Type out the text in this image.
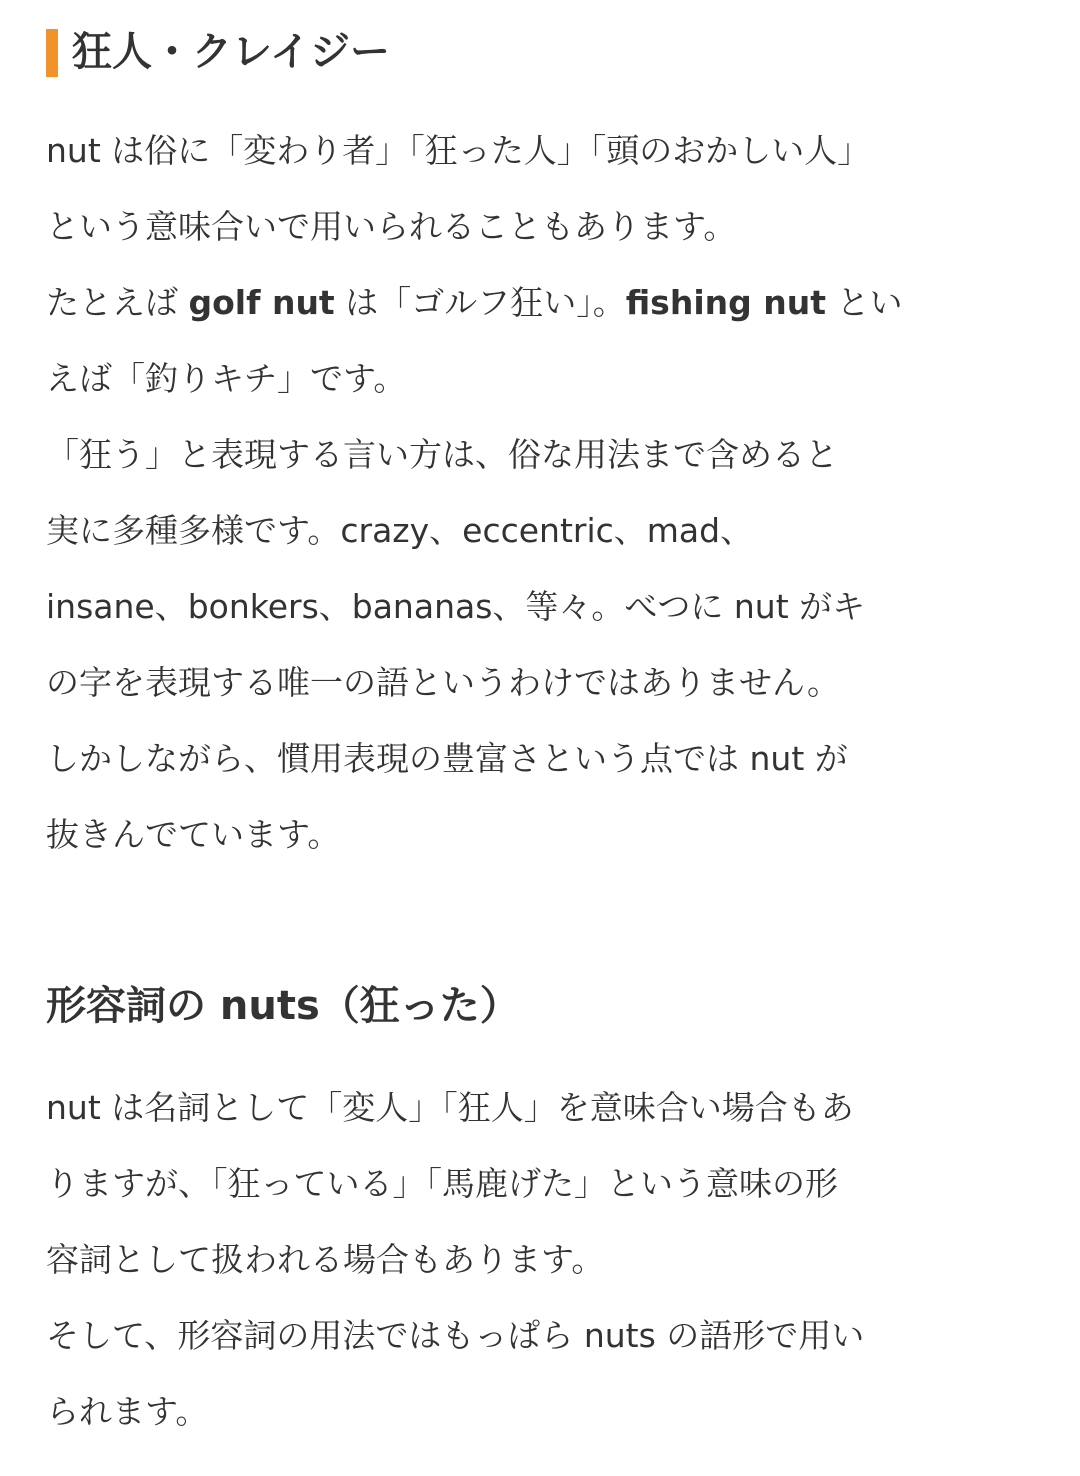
狂人・クレイジー
nut は俗に「変わり者」「狂った人」「頭のおかしい人」
という意味合いで用いられることもあります。
たとえば golf nut は「ゴルフ狂い」。fishing nut とい
えば「釣りキチ」です。
「狂う」と表現する言い方は、俗な用法まで含めると
実に多種多様です。crazy、eccentric、mad、
insane、bonkers、bananas、等々。べつに nut がキ
の字を表現する唯一の語というわけではありません。
しかしながら、慣用表現の豊富さという点では nut が
抜きんでています。
形容詞の nuts（狂った）
nut は名詞として「変人」「狂人」を意味合い場合もあ
りますが、「狂っている」「馬鹿げた」という意味の形
容詞として扱われる場合もあります。
そして、形容詞の用法ではもっぱら nuts の語形で用い
られます。
